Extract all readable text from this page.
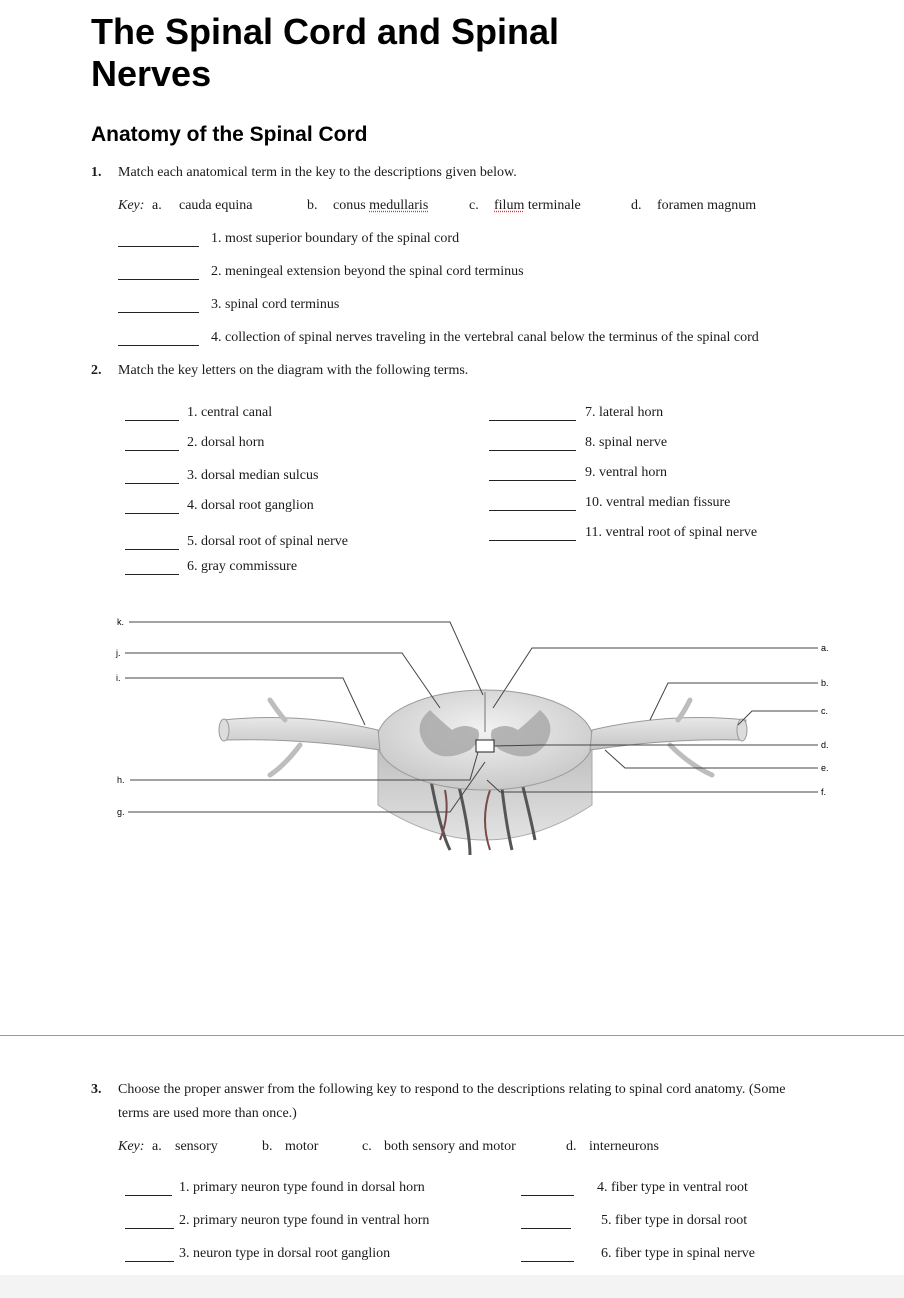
The Spinal Cord and Spinal
Nerves
Anatomy of the Spinal Cord
1. Match each anatomical term in the key to the descriptions given below.
Key: a. cauda equina	b. conus medullaris	c. filum terminale	d. foramen magnum
1. most superior boundary of the spinal cord
2. meningeal extension beyond the spinal cord terminus
3. spinal cord terminus
4. collection of spinal nerves traveling in the vertebral canal below the terminus of the spinal cord
2. Match the key letters on the diagram with the following terms.
1. central canal
2. dorsal horn
3. dorsal median sulcus
4. dorsal root ganglion
5. dorsal root of spinal nerve
6. gray commissure
7. lateral horn
8. spinal nerve
9. ventral horn
10. ventral median fissure
11. ventral root of spinal nerve
k.
j.
i.
h.
g.
a.
b.
c.
d.
e.
f.
3. Choose the proper answer from the following key to respond to the descriptions relating to spinal cord anatomy. (Some
terms are used more than once.)
Key: a. sensory	b. motor	c. both sensory and motor	d. interneurons
1. primary neuron type found in dorsal horn
2. primary neuron type found in ventral horn
3. neuron type in dorsal root ganglion
4. fiber type in ventral root
5. fiber type in dorsal root
6. fiber type in spinal nerve
